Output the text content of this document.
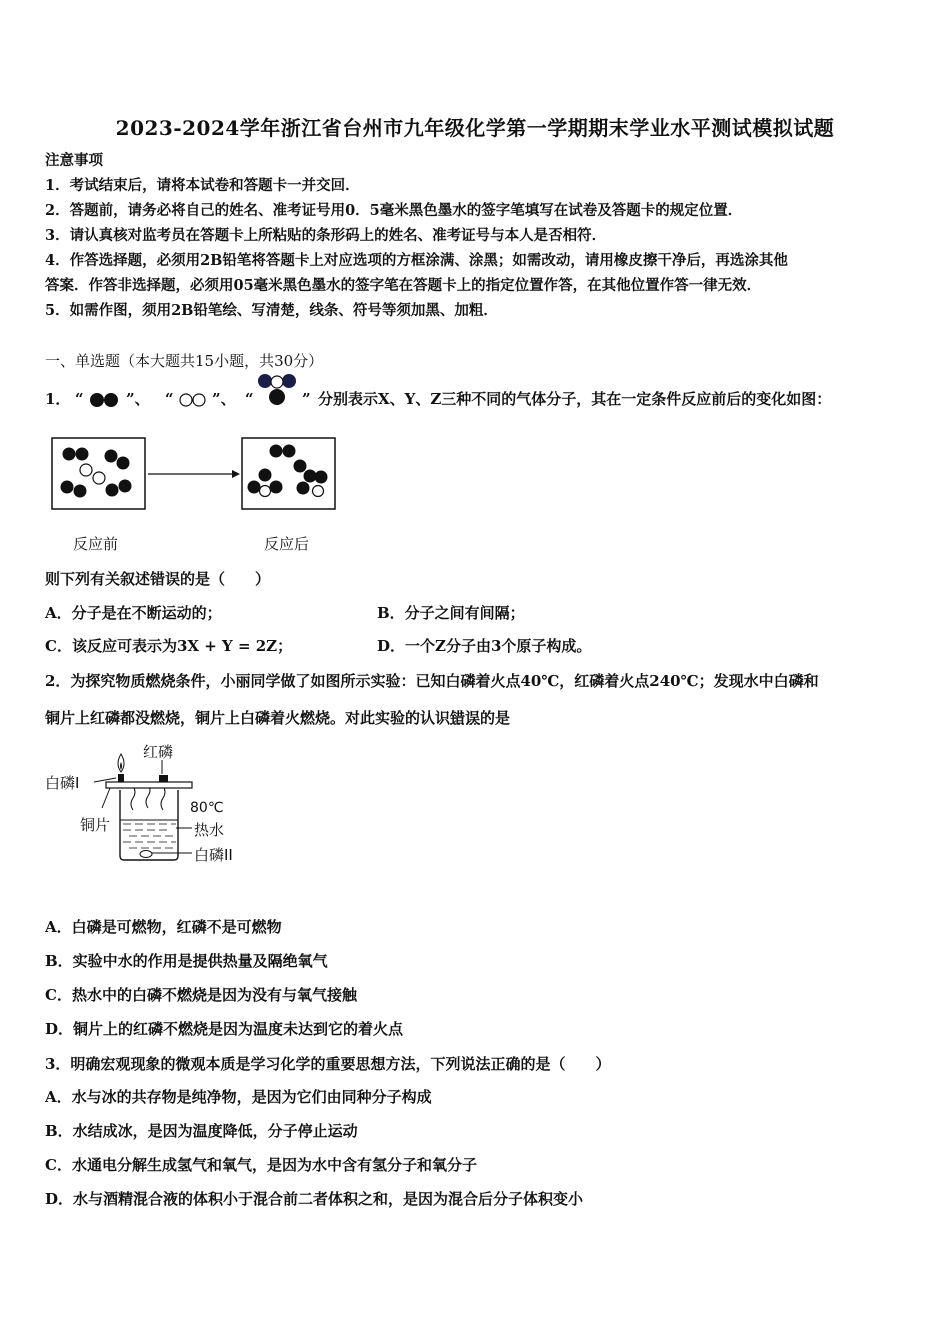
2023-2024学年浙江省台州市九年级化学第一学期期末学业水平测试模拟试题
注意事项
1．考试结束后，请将本试卷和答题卡一并交回．
2．答题前，请务必将自己的姓名、准考证号用0．5毫米黑色墨水的签字笔填写在试卷及答题卡的规定位置．
3．请认真核对监考员在答题卡上所粘贴的条形码上的姓名、准考证号与本人是否相符．
4．作答选择题，必须用2B铅笔将答题卡上对应选项的方框涂满、涂黑；如需改动，请用橡皮擦干净后，再选涂其他
答案．作答非选择题，必须用05毫米黑色墨水的签字笔在答题卡上的指定位置作答，在其他位置作答一律无效．
5．如需作图，须用2B铅笔绘、写清楚，线条、符号等须加黑、加粗．
一、单选题（本大题共15小题，共30分）
1． “	”、 “	”、 “	” 分别表示X、Y、Z三种不同的气体分子，其在一定条件反应前后的变化如图：
反应前	反应后
则下列有关叙述错误的是（　　）
A．分子是在不断运动的；	B．分子之间有间隔；
C．该反应可表示为3X + Y = 2Z；	D．一个Z分子由3个原子构成。
2．为探究物质燃烧条件，小丽同学做了如图所示实验：已知白磷着火点40℃，红磷着火点240℃；发现水中白磷和
铜片上红磷都没燃烧，铜片上白磷着火燃烧。对此实验的认识错误的是
红磷
白磷Ⅰ
铜片
80℃
热水
白磷II
A．白磷是可燃物，红磷不是可燃物
B．实验中水的作用是提供热量及隔绝氧气
C．热水中的白磷不燃烧是因为没有与氧气接触
D．铜片上的红磷不燃烧是因为温度未达到它的着火点
3．明确宏观现象的微观本质是学习化学的重要思想方法，下列说法正确的是（　　）
A．水与冰的共存物是纯净物，是因为它们由同种分子构成
B．水结成冰，是因为温度降低，分子停止运动
C．水通电分解生成氢气和氧气，是因为水中含有氢分子和氧分子
D．水与酒精混合液的体积小于混合前二者体积之和，是因为混合后分子体积变小
